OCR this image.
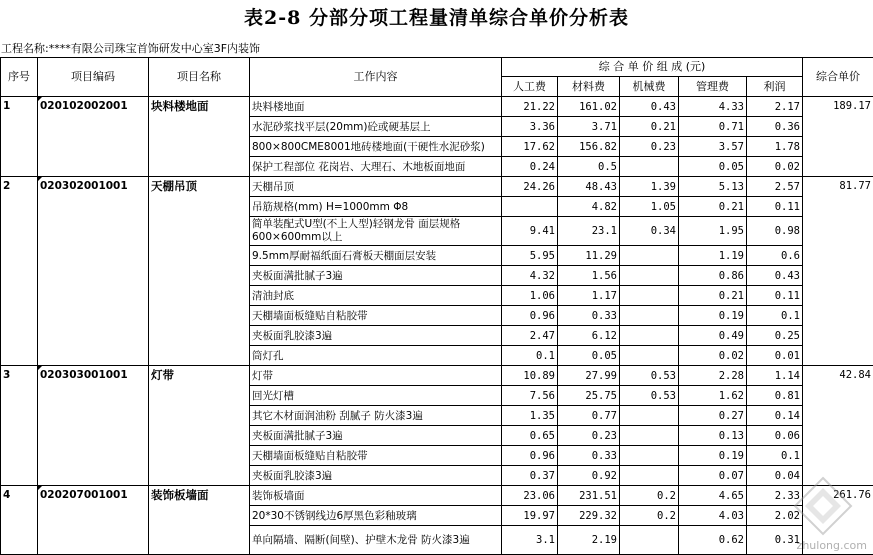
表2-8 分部分项工程量清单综合单价分析表
工程名称:****有限公司珠宝首饰研发中心室3F内装饰
序号	项目编码	项目名称	工作内容	综 合 单 价 组 成 (元)					综合单价
				人工费	材料费	机械费	管理费	利润	
1	020102002001	块料楼地面	块料楼地面	21.22	161.02	0.43	4.33	2.17	189.17
			水泥砂浆找平层(20mm)砼或硬基层上	3.36	3.71	0.21	0.71	0.36	
			800×800CME8001地砖楼地面(干硬性水泥砂浆)	17.62	156.82	0.23	3.57	1.78	
			保护工程部位 花岗岩、大理石、木地板面地面	0.24	0.5		0.05	0.02	
2	020302001001	天棚吊顶	天棚吊顶	24.26	48.43	1.39	5.13	2.57	81.77
			吊筋规格(mm) H=1000mm Φ8		4.82	1.05	0.21	0.11	
			简单装配式U型(不上人型)轻钢龙骨 面层规格600×600mm以上	9.41	23.1	0.34	1.95	0.98	
			9.5mm厚耐福纸面石膏板天棚面层安装	5.95	11.29		1.19	0.6	
			夹板面满批腻子3遍	4.32	1.56		0.86	0.43	
			清油封底	1.06	1.17		0.21	0.11	
			天棚墙面板缝贴自粘胶带	0.96	0.33		0.19	0.1	
			夹板面乳胶漆3遍	2.47	6.12		0.49	0.25	
			筒灯孔	0.1	0.05		0.02	0.01	
3	020303001001	灯带	灯带	10.89	27.99	0.53	2.28	1.14	42.84
			回光灯槽	7.56	25.75	0.53	1.62	0.81	
			其它木材面润油粉 刮腻子 防火漆3遍	1.35	0.77		0.27	0.14	
			夹板面满批腻子3遍	0.65	0.23		0.13	0.06	
			天棚墙面板缝贴自粘胶带	0.96	0.33		0.19	0.1	
			夹板面乳胶漆3遍	0.37	0.92		0.07	0.04	
4	020207001001	装饰板墙面	装饰板墙面	23.06	231.51	0.2	4.65	2.33	261.76
			20*30不锈钢线边6厚黑色彩釉玻璃	19.97	229.32	0.2	4.03	2.02	
			单向隔墙、隔断(间壁)、护壁木龙骨 防火漆3遍	3.1	2.19		0.62	0.31	
zhulong.com
